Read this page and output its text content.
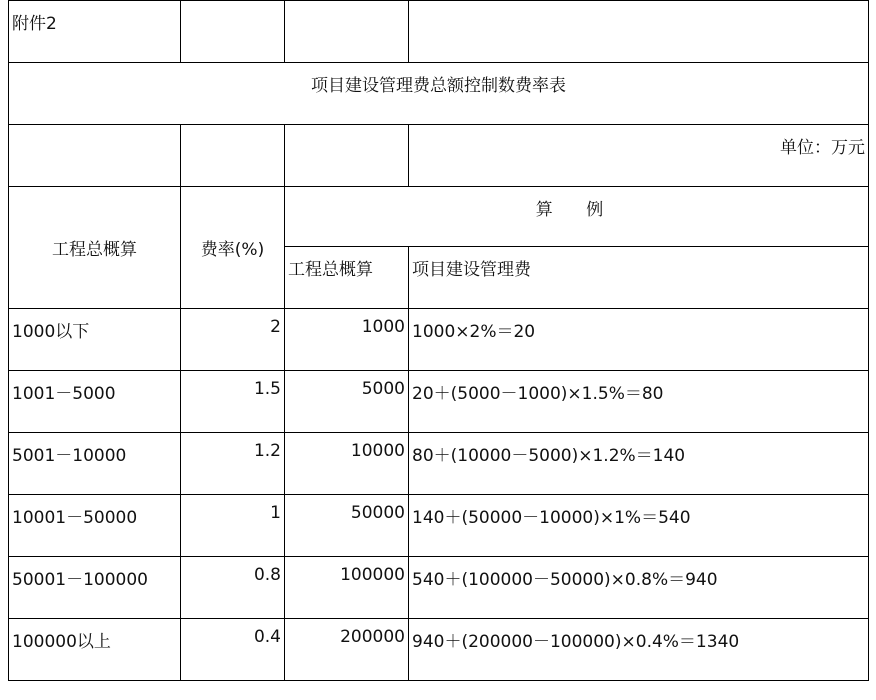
附件2			
项目建设管理费总额控制数费率表			
			单位：万元
工程总概算	费率(%)	算 例	
		工程总概算	项目建设管理费
1000以下	2	1000	1000×2%＝20
1001－5000	1.5	5000	20＋(5000－1000)×1.5%＝80
5001－10000	1.2	10000	80＋(10000－5000)×1.2%＝140
10001－50000	1	50000	140＋(50000－10000)×1%＝540
50001－100000	0.8	100000	540＋(100000－50000)×0.8%＝940
100000以上	0.4	200000	940＋(200000－100000)×0.4%＝1340
